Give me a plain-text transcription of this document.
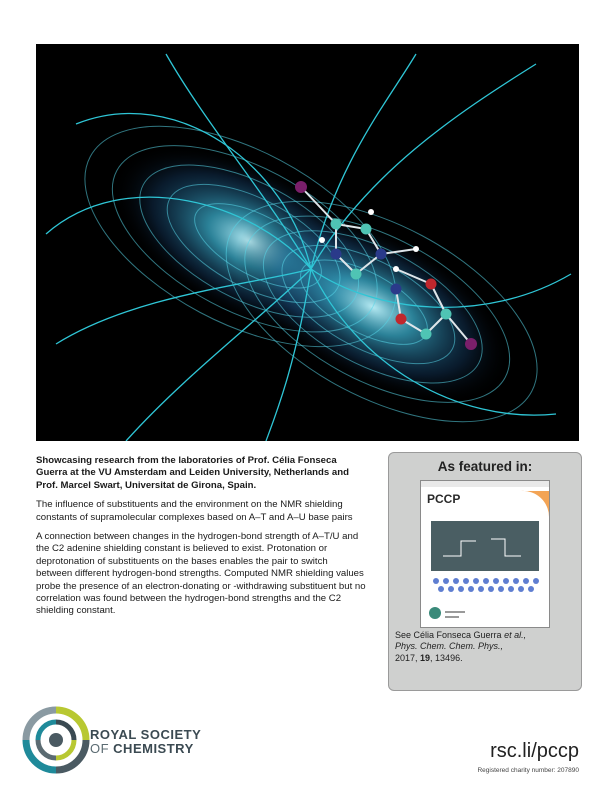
Showcasing research from the laboratories of Prof. Célia Fonseca Guerra at the VU Amsterdam and Leiden University, Netherlands and Prof. Marcel Swart, Universitat de Girona, Spain.

The influence of substituents and the environment on the NMR shielding constants of supramolecular complexes based on A–T and A–U base pairs

A connection between changes in the hydrogen-bond strength of A–T/U and the C2 adenine shielding constant is believed to exist. Protonation or deprotonation of substituents on the bases enables the pair to switch between different hydrogen-bond strengths. Computed NMR shielding values probe the presence of an electron-donating or -withdrawing substituent but no correlation was found between the hydrogen-bond strengths and the C2 shielding constant.

As featured in:
PCCP
See Célia Fonseca Guerra et al.,
Phys. Chem. Chem. Phys.,
2017, 19, 13496.
ROYAL SOCIETY
OF CHEMISTRY	rsc.li/pccp
Registered charity number: 207890
